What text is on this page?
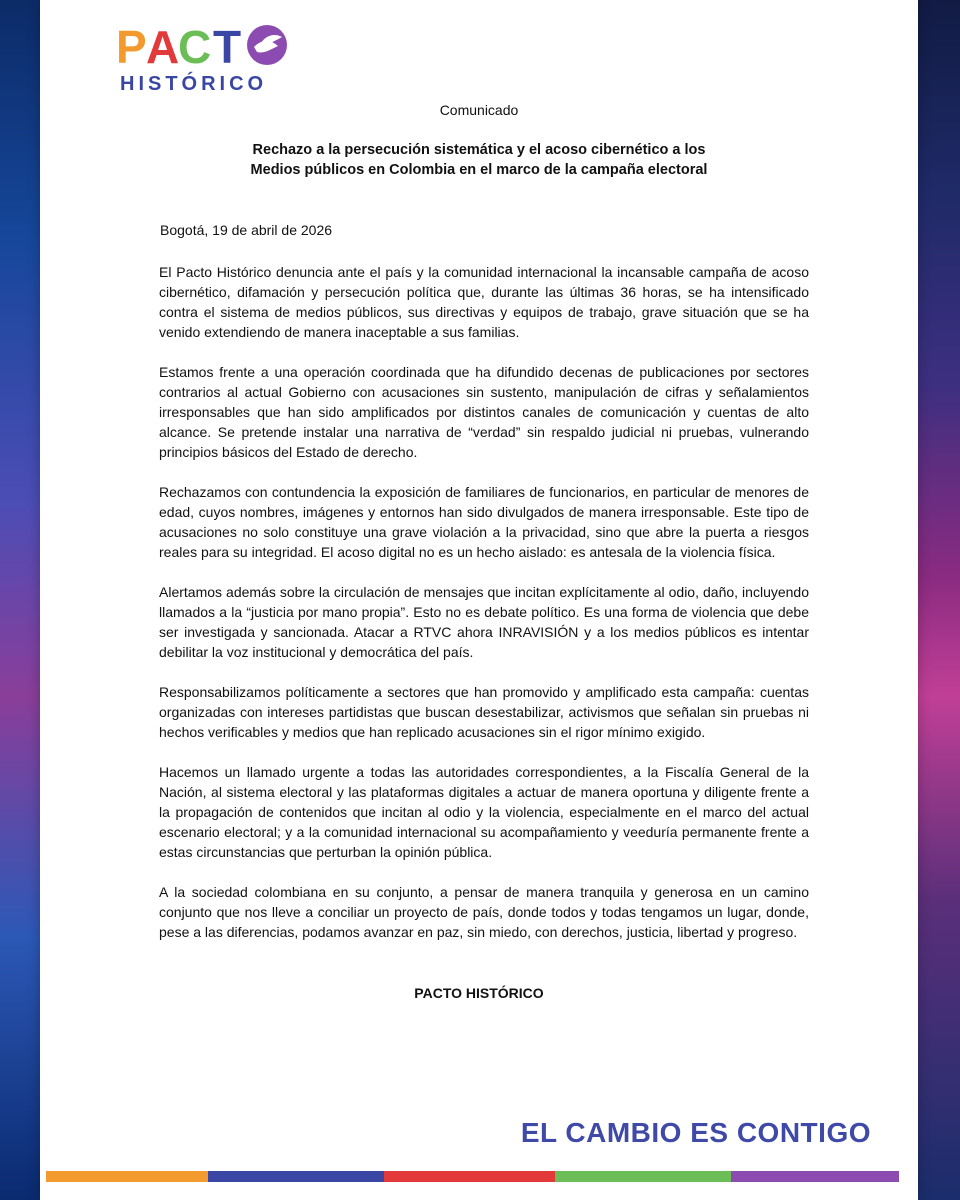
P A
C T
HISTÓRICO
Comunicado
Rechazo a la persecución sistemática y el acoso cibernético a los
Medios públicos en Colombia en el marco de la campaña electoral
Bogotá, 19 de abril de 2026

El Pacto Histórico denuncia ante el país y la comunidad internacional la incansable campaña de acoso cibernético, difamación y persecución política que, durante las últimas 36 horas, se ha intensificado contra el sistema de medios públicos, sus directivas y equipos de trabajo, grave situación que se ha venido extendiendo de manera inaceptable a sus familias.

Estamos frente a una operación coordinada que ha difundido decenas de publicaciones por sectores contrarios al actual Gobierno con acusaciones sin sustento, manipulación de cifras y señalamientos irresponsables que han sido amplificados por distintos canales de comunicación y cuentas de alto alcance. Se pretende instalar una narrativa de “verdad” sin respaldo judicial ni pruebas, vulnerando principios básicos del Estado de derecho.

Rechazamos con contundencia la exposición de familiares de funcionarios, en particular de menores de edad, cuyos nombres, imágenes y entornos han sido divulgados de manera irresponsable. Este tipo de acusaciones no solo constituye una grave violación a la privacidad, sino que abre la puerta a riesgos reales para su integridad. El acoso digital no es un hecho aislado: es antesala de la violencia física.

Alertamos además sobre la circulación de mensajes que incitan explícitamente al odio, daño, incluyendo llamados a la “justicia por mano propia”. Esto no es debate político. Es una forma de violencia que debe ser investigada y sancionada. Atacar a RTVC ahora INRAVISIÓN y a los medios públicos es intentar debilitar la voz institucional y democrática del país.

Responsabilizamos políticamente a sectores que han promovido y amplificado esta campaña: cuentas organizadas con intereses partidistas que buscan desestabilizar, activismos que señalan sin pruebas ni hechos verificables y medios que han replicado acusaciones sin el rigor mínimo exigido.

Hacemos un llamado urgente a todas las autoridades correspondientes, a la Fiscalía General de la Nación, al sistema electoral y las plataformas digitales a actuar de manera oportuna y diligente frente a la propagación de contenidos que incitan al odio y la violencia, especialmente en el marco del actual escenario electoral; y a la comunidad internacional su acompañamiento y veeduría permanente frente a estas circunstancias que perturban la opinión pública.

A la sociedad colombiana en su conjunto, a pensar de manera tranquila y generosa en un camino conjunto que nos lleve a conciliar un proyecto de país, donde todos y todas tengamos un lugar, donde, pese a las diferencias, podamos avanzar en paz, sin miedo, con derechos, justicia, libertad y progreso.

PACTO HISTÓRICO
EL CAMBIO ES CONTIGO
